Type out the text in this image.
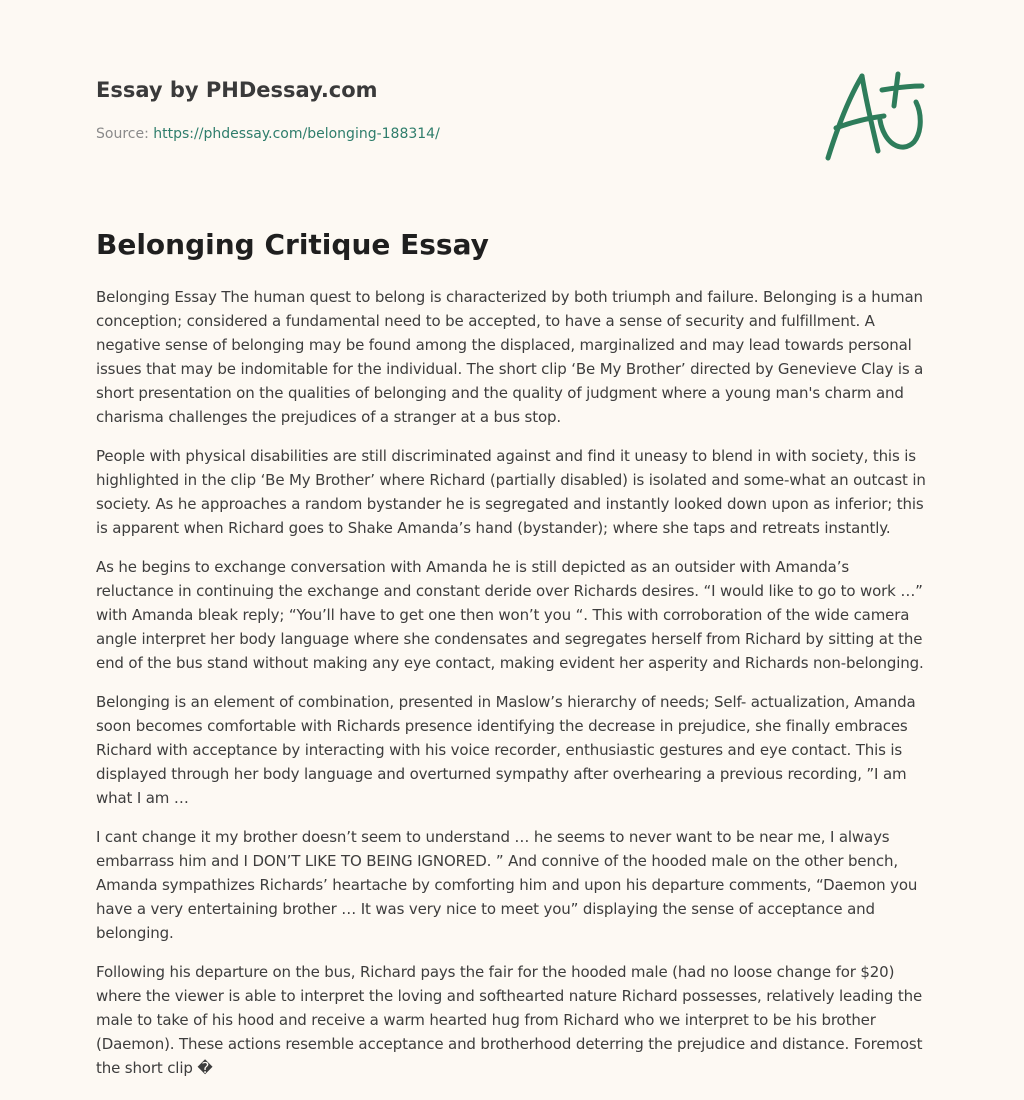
Essay by PHDessay.com
Source: https://phdessay.com/belonging-188314/
Belonging Critique Essay

Belonging Essay The human quest to belong is characterized by both triumph and failure. Belonging is a human conception; considered a fundamental need to be accepted, to have a sense of security and fulfillment. A negative sense of belonging may be found among the displaced, marginalized and may lead towards personal issues that may be indomitable for the individual. The short clip ‘Be My Brother’ directed by Genevieve Clay is a short presentation on the qualities of belonging and the quality of judgment where a young man's charm and charisma challenges the prejudices of a stranger at a bus stop.

People with physical disabilities are still discriminated against and find it uneasy to blend in with society, this is highlighted in the clip ‘Be My Brother’ where Richard (partially disabled) is isolated and some-what an outcast in society. As he approaches a random bystander he is segregated and instantly looked down upon as inferior; this is apparent when Richard goes to Shake Amanda’s hand (bystander); where she taps and retreats instantly.

As he begins to exchange conversation with Amanda he is still depicted as an outsider with Amanda’s reluctance in continuing the exchange and constant deride over Richards desires. “I would like to go to work …” with Amanda bleak reply; “You’ll have to get one then won’t you “. This with corroboration of the wide camera angle interpret her body language where she condensates and segregates herself from Richard by sitting at the end of the bus stand without making any eye contact, making evident her asperity and Richards non-belonging.

Belonging is an element of combination, presented in Maslow’s hierarchy of needs; Self- actualization, Amanda soon becomes comfortable with Richards presence identifying the decrease in prejudice, she finally embraces Richard with acceptance by interacting with his voice recorder, enthusiastic gestures and eye contact. This is displayed through her body language and overturned sympathy after overhearing a previous recording, ”I am what I am …

I cant change it my brother doesn’t seem to understand … he seems to never want to be near me, I always embarrass him and I DON’T LIKE TO BEING IGNORED. ” And connive of the hooded male on the other bench, Amanda sympathizes Richards’ heartache by comforting him and upon his departure comments, “Daemon you have a very entertaining brother … It was very nice to meet you” displaying the sense of acceptance and belonging.

Following his departure on the bus, Richard pays the fair for the hooded male (had no loose change for $20) where the viewer is able to interpret the loving and softhearted nature Richard possesses, relatively leading the male to take of his hood and receive a warm hearted hug from Richard who we interpret to be his brother (Daemon). These actions resemble acceptance and brotherhood deterring the prejudice and distance. Foremost the short clip �
